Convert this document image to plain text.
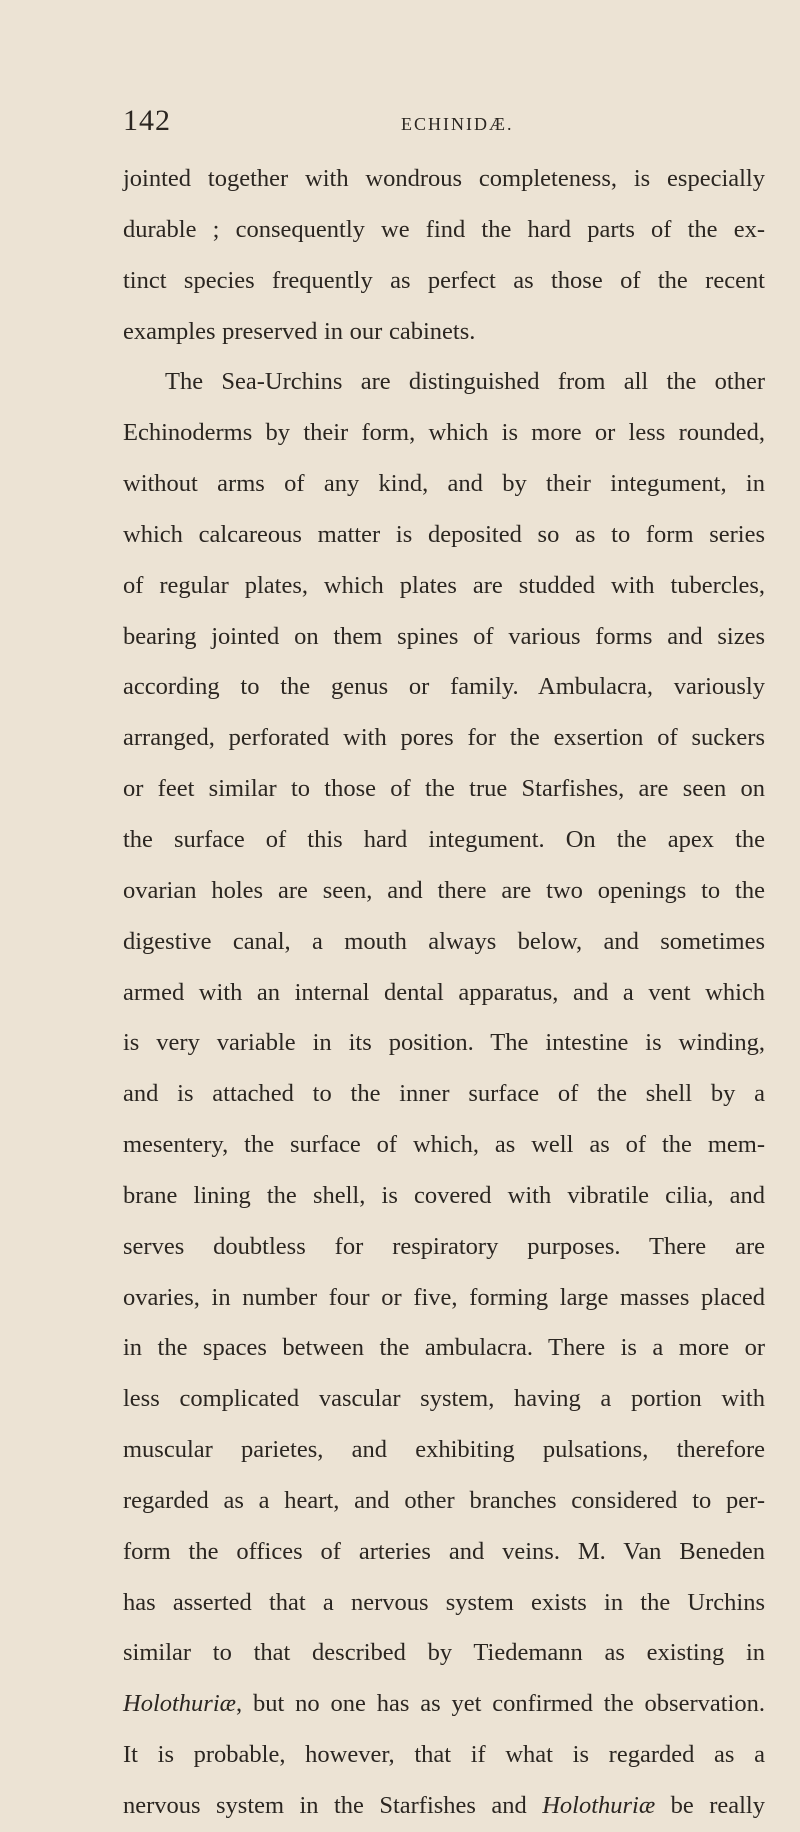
142	ECHINIDÆ.
jointed together with wondrous completeness, is especially
durable ; consequently we find the hard parts of the ex-
tinct species frequently as perfect as those of the recent
examples preserved in our cabinets.
The Sea-Urchins are distinguished from all the other
Echinoderms by their form, which is more or less rounded,
without arms of any kind, and by their integument, in
which calcareous matter is deposited so as to form series
of regular plates, which plates are studded with tubercles,
bearing jointed on them spines of various forms and sizes
according to the genus or family. Ambulacra, variously
arranged, perforated with pores for the exsertion of suckers
or feet similar to those of the true Starfishes, are seen on
the surface of this hard integument. On the apex the
ovarian holes are seen, and there are two openings to the
digestive canal, a mouth always below, and sometimes
armed with an internal dental apparatus, and a vent which
is very variable in its position. The intestine is winding,
and is attached to the inner surface of the shell by a
mesentery, the surface of which, as well as of the mem-
brane lining the shell, is covered with vibratile cilia, and
serves doubtless for respiratory purposes. There are
ovaries, in number four or five, forming large masses placed
in the spaces between the ambulacra. There is a more or
less complicated vascular system, having a portion with
muscular parietes, and exhibiting pulsations, therefore
regarded as a heart, and other branches considered to per-
form the offices of arteries and veins. M. Van Beneden
has asserted that a nervous system exists in the Urchins
similar to that described by Tiedemann as existing in
Holothuriæ, but no one has as yet confirmed the observation.
It is probable, however, that if what is regarded as a
nervous system in the Starfishes and Holothuriæ be really
